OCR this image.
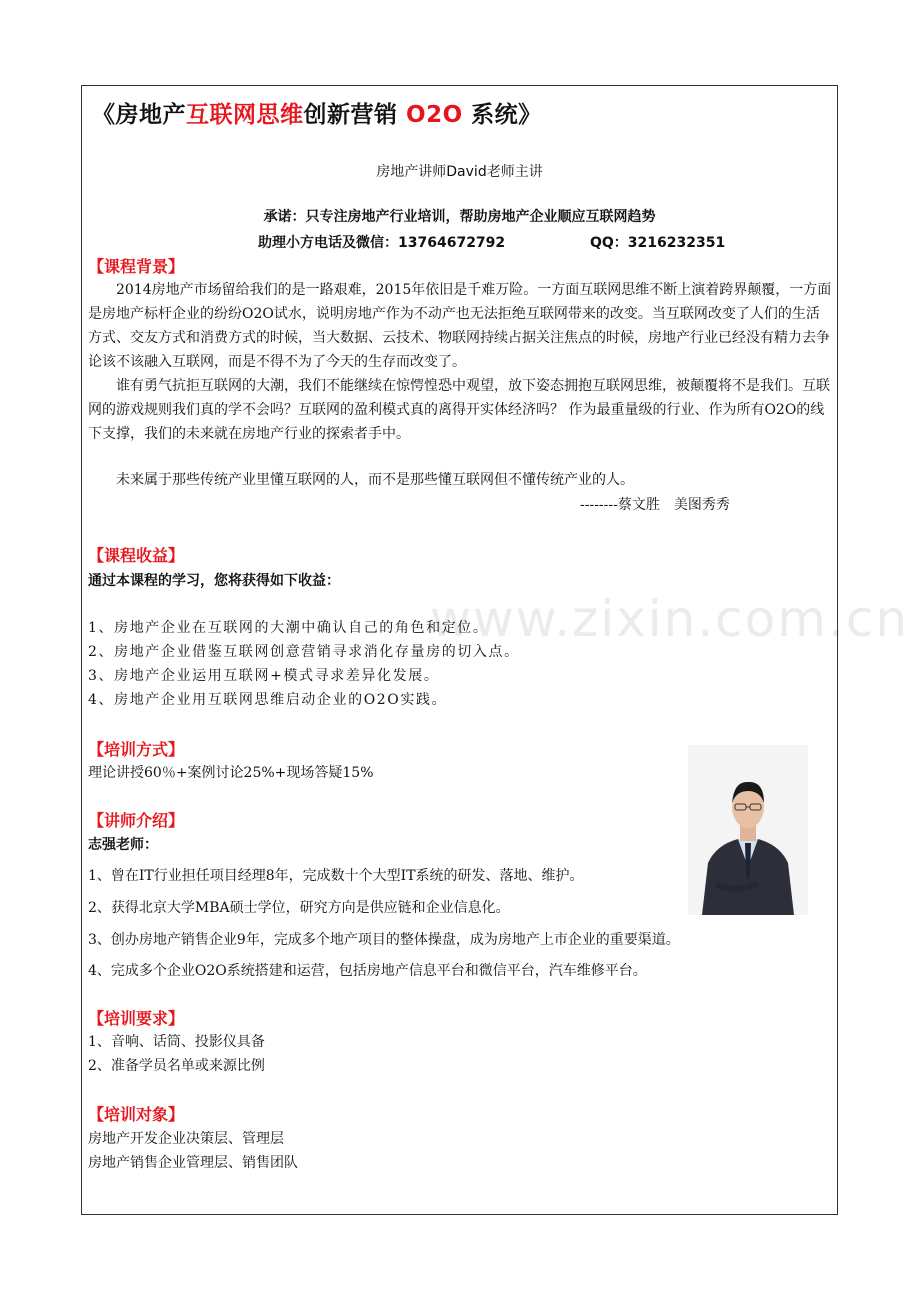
《房地产互联网思维创新营销 O2O 系统》
房地产讲师David老师主讲
承诺：只专注房地产行业培训，帮助房地产企业顺应互联网趋势
助理小方电话及微信：13764672792	QQ：3216232351
【课程背景】
2014房地产市场留给我们的是一路艰难，2015年依旧是千难万险。一方面互联网思维不断上演着跨界颠覆，一方面是房地产标杆企业的纷纷O2O试水，说明房地产作为不动产也无法拒绝互联网带来的改变。当互联网改变了人们的生活方式、交友方式和消费方式的时候，当大数据、云技术、物联网持续占据关注焦点的时候，房地产行业已经没有精力去争论该不该融入互联网，而是不得不为了今天的生存而改变了。
谁有勇气抗拒互联网的大潮，我们不能继续在惊愕惶恐中观望，放下姿态拥抱互联网思维，被颠覆将不是我们。互联网的游戏规则我们真的学不会吗？互联网的盈利模式真的离得开实体经济吗？ 作为最重量级的行业、作为所有O2O的线下支撑，我们的未来就在房地产行业的探索者手中。
未来属于那些传统产业里懂互联网的人，而不是那些懂互联网但不懂传统产业的人。
--------蔡文胜　美图秀秀
【课程收益】
通过本课程的学习，您将获得如下收益：
www.zixin.com.cn
1、房地产企业在互联网的大潮中确认自己的角色和定位。
2、房地产企业借鉴互联网创意营销寻求消化存量房的切入点。
3、房地产企业运用互联网+模式寻求差异化发展。
4、房地产企业用互联网思维启动企业的O2O实践。
【培训方式】
理论讲授60％+案例讨论25%+现场答疑15%
【讲师介绍】
志强老师：
1、曾在IT行业担任项目经理8年，完成数十个大型IT系统的研发、落地、维护。
2、获得北京大学MBA硕士学位，研究方向是供应链和企业信息化。
3、创办房地产销售企业9年，完成多个地产项目的整体操盘，成为房地产上市企业的重要渠道。
4、完成多个企业O2O系统搭建和运营，包括房地产信息平台和微信平台，汽车维修平台。
【培训要求】
1、音响、话筒、投影仪具备
2、准备学员名单或来源比例
【培训对象】
房地产开发企业决策层、管理层
房地产销售企业管理层、销售团队
